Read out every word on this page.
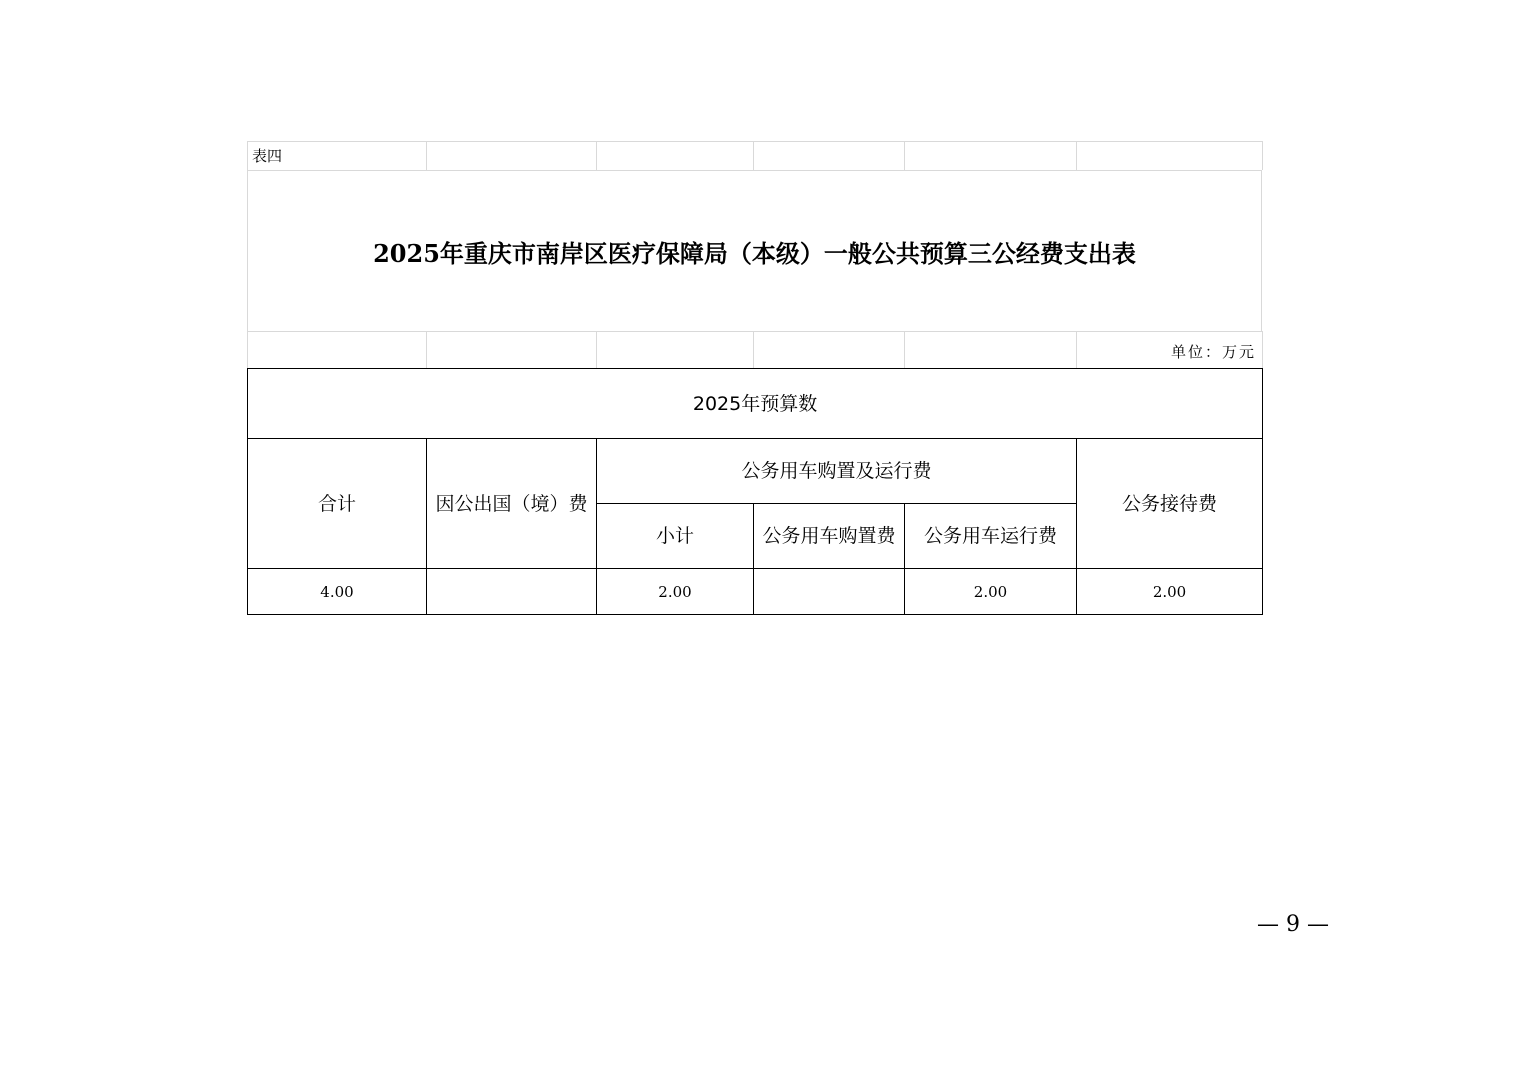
表四
2025年重庆市南岸区医疗保障局（本级）一般公共预算三公经费支出表
单位：万元
2025年预算数					
合计	因公出国（境）费	公务用车购置及运行费			公务接待费
		小计	公务用车购置费	公务用车运行费	
4.00		2.00		2.00	2.00
— 9 —
